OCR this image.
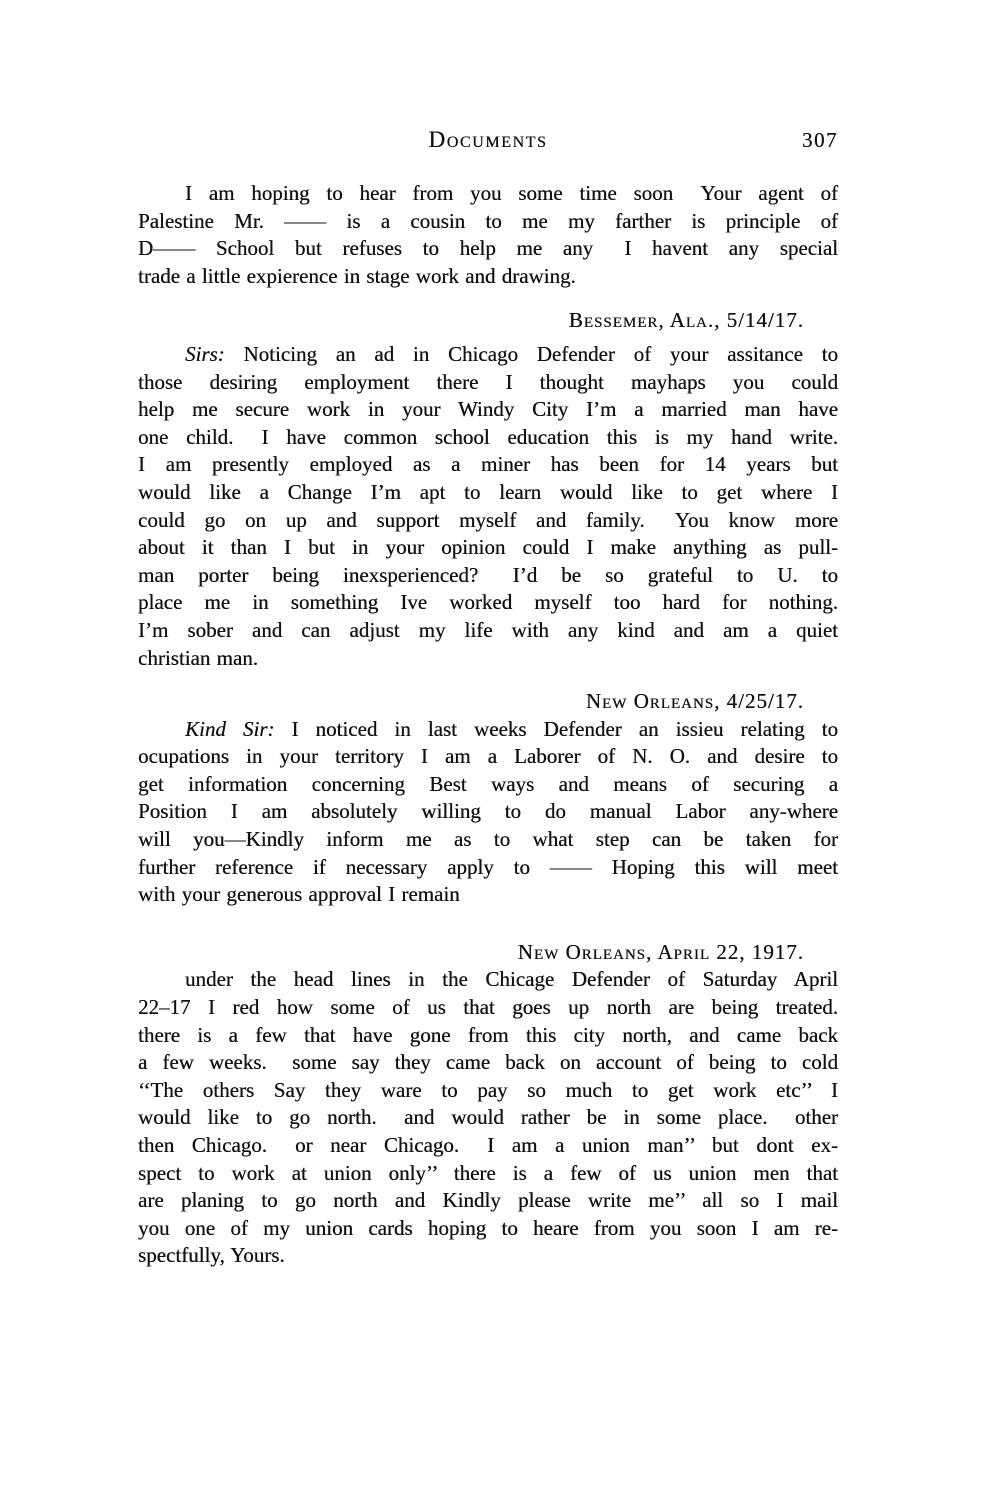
Documents	307
I am hoping to hear from you some time soon  Your agent of
Palestine Mr. —— is a cousin to me my farther is principle of
D—— School but refuses to help me any  I havent any special
trade a little expierence in stage work and drawing.
Bessemer, Ala., 5/14/17.
Sirs: Noticing an ad in Chicago Defender of your assitance to
those desiring employment there I thought mayhaps you could
help me secure work in your Windy City I’m a married man have
one child.  I have common school education this is my hand write.
I am presently employed as a miner has been for 14 years but
would like a Change I’m apt to learn would like to get where I
could go on up and support myself and family.  You know more
about it than I but in your opinion could I make anything as pull-
man porter being inexsperienced?  I’d be so grateful to U. to
place me in something Ive worked myself too hard for nothing.
I’m sober and can adjust my life with any kind and am a quiet
christian man.
New Orleans, 4/25/17.
Kind Sir: I noticed in last weeks Defender an issieu relating to
ocupations in your territory I am a Laborer of N. O. and desire to
get information concerning Best ways and means of securing a
Position I am absolutely willing to do manual Labor any-where
will you—Kindly inform me as to what step can be taken for
further reference if necessary apply to —— Hoping this will meet
with your generous approval I remain
New Orleans, April 22, 1917.
under the head lines in the Chicage Defender of Saturday April
22–17 I red how some of us that goes up north are being treated.
there is a few that have gone from this city north, and came back
a few weeks.  some say they came back on account of being to cold
‘‘The others Say they ware to pay so much to get work etc’’ I
would like to go north.  and would rather be in some place.  other
then Chicago.  or near Chicago.  I am a union man’’ but dont ex-
spect to work at union only’’ there is a few of us union men that
are planing to go north and Kindly please write me’’ all so I mail
you one of my union cards hoping to heare from you soon I am re-
spectfully, Yours.
